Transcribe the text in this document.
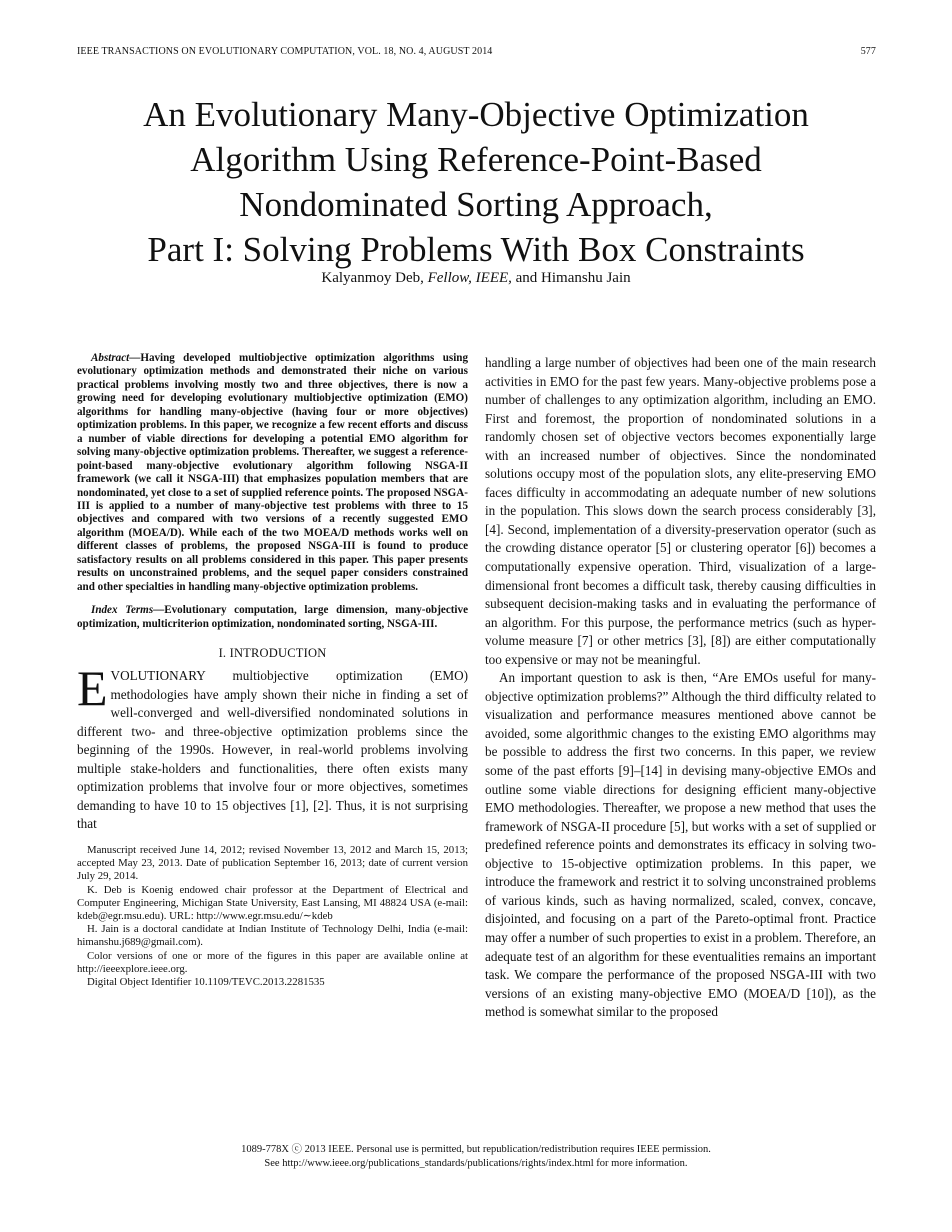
IEEE TRANSACTIONS ON EVOLUTIONARY COMPUTATION, VOL. 18, NO. 4, AUGUST 2014	577
An Evolutionary Many-Objective Optimization
Algorithm Using Reference-Point-Based
Nondominated Sorting Approach,
Part I: Solving Problems With Box Constraints
Kalyanmoy Deb, Fellow, IEEE, and Himanshu Jain

Abstract—Having developed multiobjective optimization algorithms using evolutionary optimization methods and demonstrated their niche on various practical problems involving mostly two and three objectives, there is now a growing need for developing evolutionary multiobjective optimization (EMO) algorithms for handling many-objective (having four or more objectives) optimization problems. In this paper, we recognize a few recent efforts and discuss a number of viable directions for developing a potential EMO algorithm for solving many-objective optimization problems. Thereafter, we suggest a reference-point-based many-objective evolutionary algorithm following NSGA-II framework (we call it NSGA-III) that emphasizes population members that are nondominated, yet close to a set of supplied reference points. The proposed NSGA-III is applied to a number of many-objective test problems with three to 15 objectives and compared with two versions of a recently suggested EMO algorithm (MOEA/D). While each of the two MOEA/D methods works well on different classes of problems, the proposed NSGA-III is found to produce satisfactory results on all problems considered in this paper. This paper presents results on unconstrained problems, and the sequel paper considers constrained and other specialties in handling many-objective optimization problems.

Index Terms—Evolutionary computation, large dimension, many-objective optimization, multicriterion optimization, nondominated sorting, NSGA-III.

I. INTRODUCTION

EVOLUTIONARY multiobjective optimization (EMO) methodologies have amply shown their niche in finding a set of well-converged and well-diversified nondominated solutions in different two- and three-objective optimization problems since the beginning of the 1990s. However, in real-world problems involving multiple stake-holders and functionalities, there often exists many optimization problems that involve four or more objectives, sometimes demanding to have 10 to 15 objectives [1], [2]. Thus, it is not surprising that

Manuscript received June 14, 2012; revised November 13, 2012 and March 15, 2013; accepted May 23, 2013. Date of publication September 16, 2013; date of current version July 29, 2014.

K. Deb is Koenig endowed chair professor at the Department of Electrical and Computer Engineering, Michigan State University, East Lansing, MI 48824 USA (e-mail: kdeb@egr.msu.edu). URL: http://www.egr.msu.edu/∼kdeb

H. Jain is a doctoral candidate at Indian Institute of Technology Delhi, India (e-mail: himanshu.j689@gmail.com).

Color versions of one or more of the figures in this paper are available online at http://ieeexplore.ieee.org.

Digital Object Identifier 10.1109/TEVC.2013.2281535

handling a large number of objectives had been one of the main research activities in EMO for the past few years. Many-objective problems pose a number of challenges to any optimization algorithm, including an EMO. First and foremost, the proportion of nondominated solutions in a randomly chosen set of objective vectors becomes exponentially large with an increased number of objectives. Since the nondominated solutions occupy most of the population slots, any elite-preserving EMO faces difficulty in accommodating an adequate number of new solutions in the population. This slows down the search process considerably [3], [4]. Second, implementation of a diversity-preservation operator (such as the crowding distance operator [5] or clustering operator [6]) becomes a computationally expensive operation. Third, visualization of a large-dimensional front becomes a difficult task, thereby causing difficulties in subsequent decision-making tasks and in evaluating the performance of an algorithm. For this purpose, the performance metrics (such as hyper-volume measure [7] or other metrics [3], [8]) are either computationally too expensive or may not be meaningful.

An important question to ask is then, “Are EMOs useful for many-objective optimization problems?” Although the third difficulty related to visualization and performance measures mentioned above cannot be avoided, some algorithmic changes to the existing EMO algorithms may be possible to address the first two concerns. In this paper, we review some of the past efforts [9]–[14] in devising many-objective EMOs and outline some viable directions for designing efficient many-objective EMO methodologies. Thereafter, we propose a new method that uses the framework of NSGA-II procedure [5], but works with a set of supplied or predefined reference points and demonstrates its efficacy in solving two-objective to 15-objective optimization problems. In this paper, we introduce the framework and restrict it to solving unconstrained problems of various kinds, such as having normalized, scaled, convex, concave, disjointed, and focusing on a part of the Pareto-optimal front. Practice may offer a number of such properties to exist in a problem. Therefore, an adequate test of an algorithm for these eventualities remains an important task. We compare the performance of the proposed NSGA-III with two versions of an existing many-objective EMO (MOEA/D [10]), as the method is somewhat similar to the proposed

1089-778X ⓒ 2013 IEEE. Personal use is permitted, but republication/redistribution requires IEEE permission.
See http://www.ieee.org/publications_standards/publications/rights/index.html for more information.
